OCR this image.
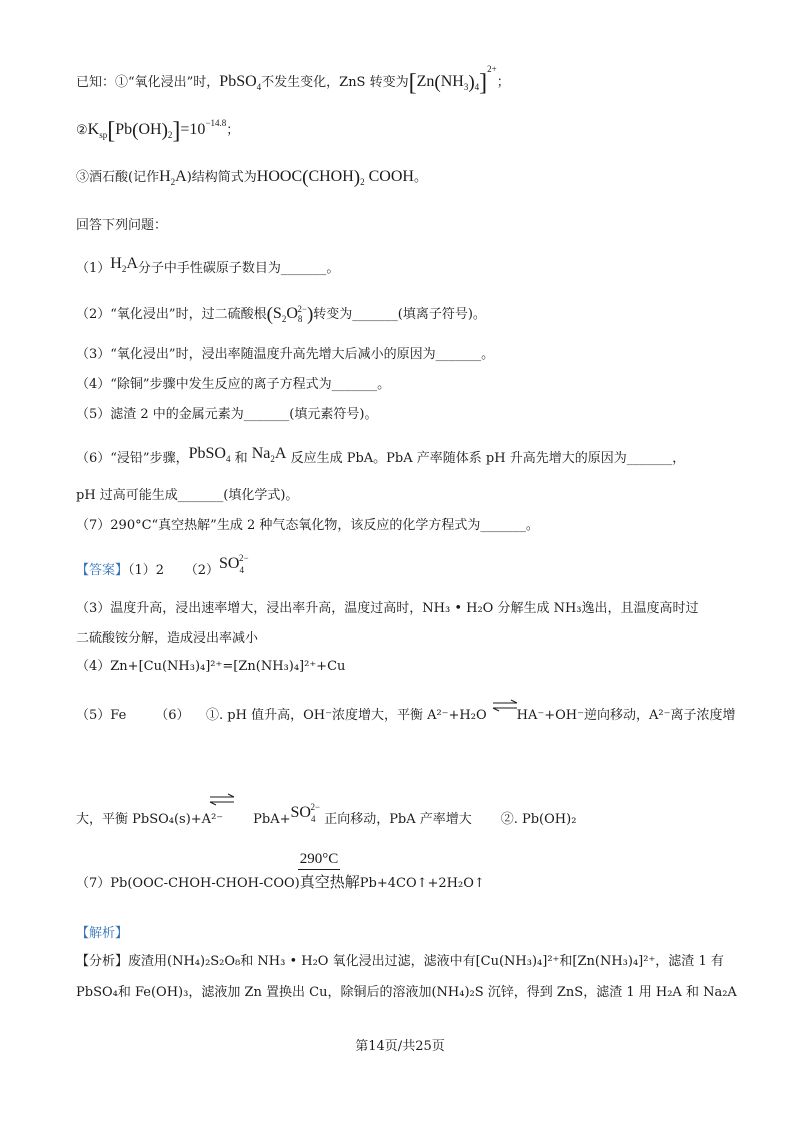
已知：①“氧化浸出”时，PbSO$_4$不发生变化，ZnS 转变为$[Zn(NH_3)_4]^{2+}$；
$②K_{sp}[Pb(OH)_2]=10^{-14.8}$；
③酒石酸(记作$H_2A$)结构简式为$HOOC(CHOH)_2$ COOH。
回答下列问题：
$(1)H_2A$分子中手性碳原子数目为_______。
（2）“氧化浸出”时，过二硫酸根$(S_2O_8^{2-})$转变为_______(填离子符号)。
（3）“氧化浸出”时，浸出率随温度升高先增大后减小的原因为_______。
（4）“除铜”步骤中发生反应的离子方程式为_______。
（5）滤渣 2 中的金属元素为_______(填元素符号)。
（6）“浸铅”步骤，PbSO$_4$ 和 $Na_2A$ 反应生成 PbA。PbA 产率随体系 pH 升高先增大的原因为_______，
pH 过高可能生成_______(填化学式)。
（7）290°C“真空热解”生成 2 种气态氧化物，该反应的化学方程式为_______。
【答案】（1）2 $(2)SO_4^{2-}$
（3）温度升高，浸出速率增大，浸出率升高，温度过高时，NH₃ • H₂O 分解生成 NH₃逸出，且温度高时过
二硫酸铵分解，造成浸出率减小
（4）Zn+[Cu(NH₃)₄]²⁺=[Zn(NH₃)₄]²⁺+Cu
（5）Fe （6） ①. pH 值升高，OH⁻浓度增大，平衡 A²⁻+H₂O HA⁻+OH⁻逆向移动，A²⁻离子浓度增
大，平衡 PbSO₄(s)+A²⁻ $PbA+SO_4^{2-}$ 正向移动，PbA 产率增大 ②. Pb(OH)₂
290°C
（7）Pb(OOC-CHOH-CHOH-COO)真空热解Pb+4CO↑+2H₂O↑
【解析】
【分析】废渣用(NH₄)₂S₂O₈和 NH₃ • H₂O 氧化浸出过滤，滤液中有[Cu(NH₃)₄]²⁺和[Zn(NH₃)₄]²⁺，滤渣 1 有
PbSO₄和 Fe(OH)₃，滤液加 Zn 置换出 Cu，除铜后的溶液加(NH₄)₂S 沉锌，得到 ZnS，滤渣 1 用 H₂A 和 Na₂A
第14页/共25页
